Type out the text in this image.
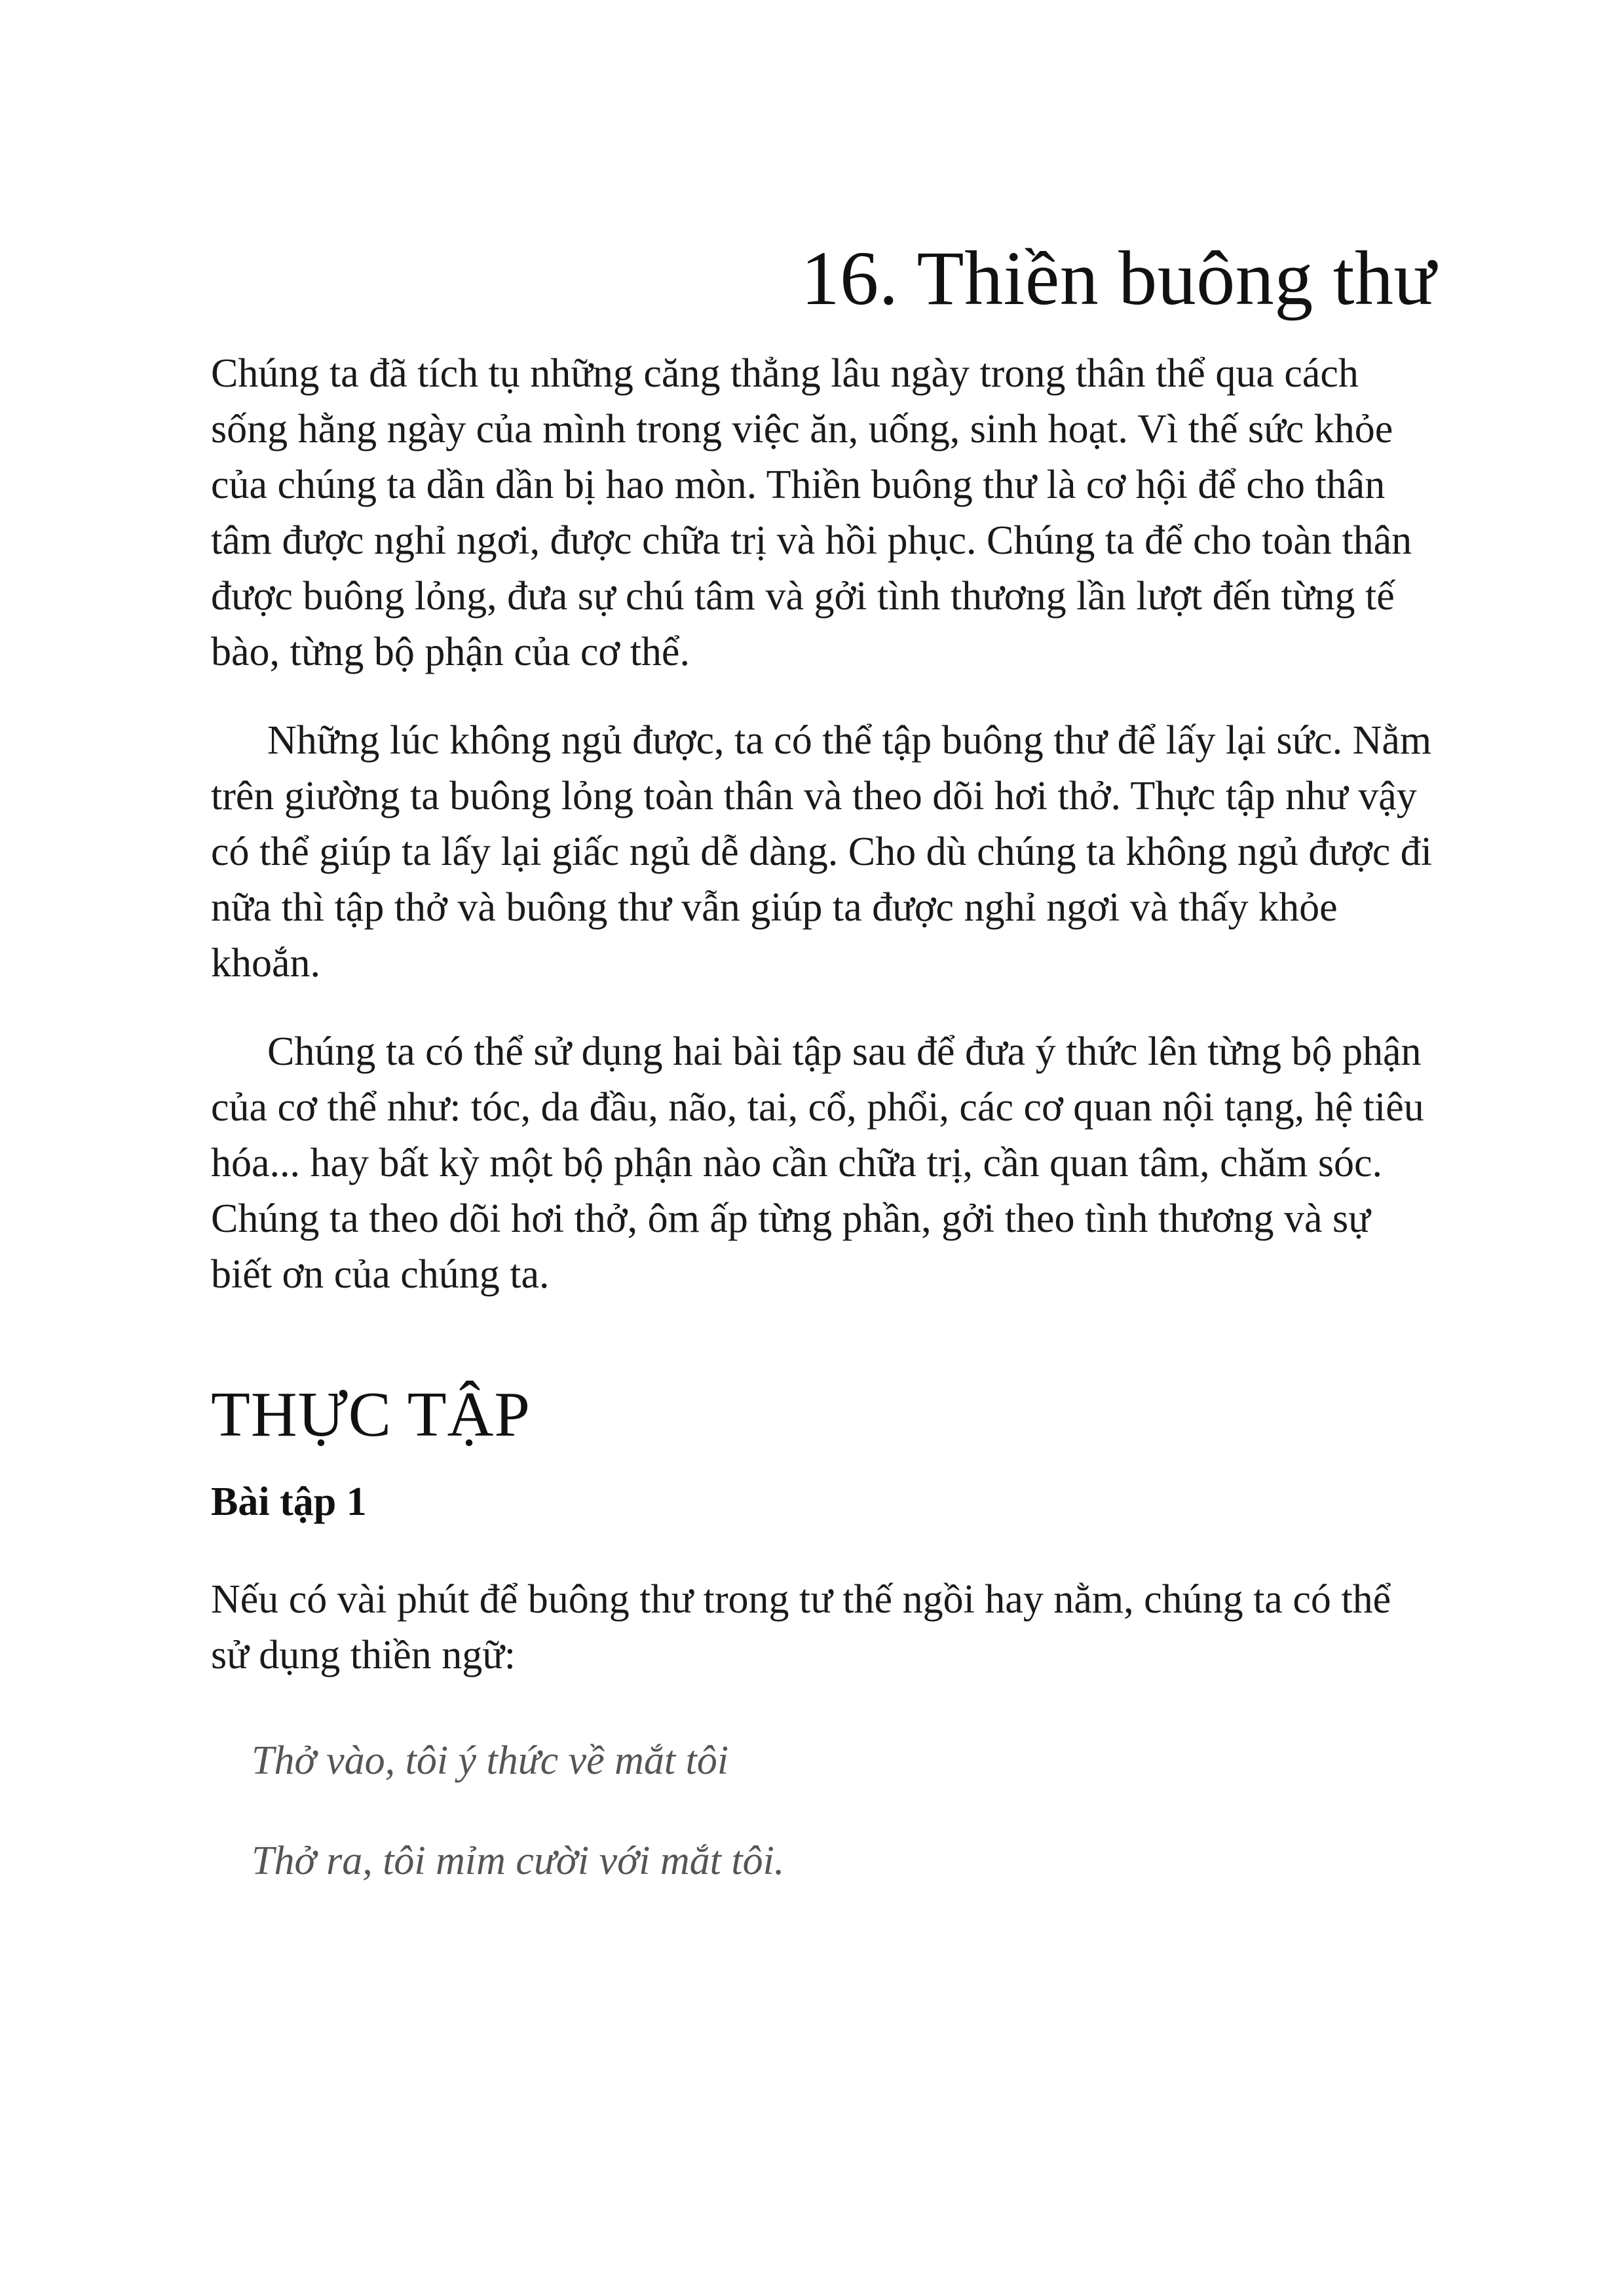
16. Thiền buông thư

Chúng ta đã tích tụ những căng thẳng lâu ngày trong thân thể qua cách sống hằng ngày của mình trong việc ăn, uống, sinh hoạt. Vì thế sức khỏe của chúng ta dần dần bị hao mòn. Thiền buông thư là cơ hội để cho thân tâm được nghỉ ngơi, được chữa trị và hồi phục. Chúng ta để cho toàn thân được buông lỏng, đưa sự chú tâm và gởi tình thương lần lượt đến từng tế bào, từng bộ phận của cơ thể.

Những lúc không ngủ được, ta có thể tập buông thư để lấy lại sức. Nằm trên giường ta buông lỏng toàn thân và theo dõi hơi thở. Thực tập như vậy có thể giúp ta lấy lại giấc ngủ dễ dàng. Cho dù chúng ta không ngủ được đi nữa thì tập thở và buông thư vẫn giúp ta được nghỉ ngơi và thấy khỏe khoắn.

Chúng ta có thể sử dụng hai bài tập sau để đưa ý thức lên từng bộ phận của cơ thể như: tóc, da đầu, não, tai, cổ, phổi, các cơ quan nội tạng, hệ tiêu hóa... hay bất kỳ một bộ phận nào cần chữa trị, cần quan tâm, chăm sóc. Chúng ta theo dõi hơi thở, ôm ấp từng phần, gởi theo tình thương và sự biết ơn của chúng ta.

THỰC TẬP
Bài tập 1

Nếu có vài phút để buông thư trong tư thế ngồi hay nằm, chúng ta có thể sử dụng thiền ngữ:

Thở vào, tôi ý thức về mắt tôi

Thở ra, tôi mỉm cười với mắt tôi.
